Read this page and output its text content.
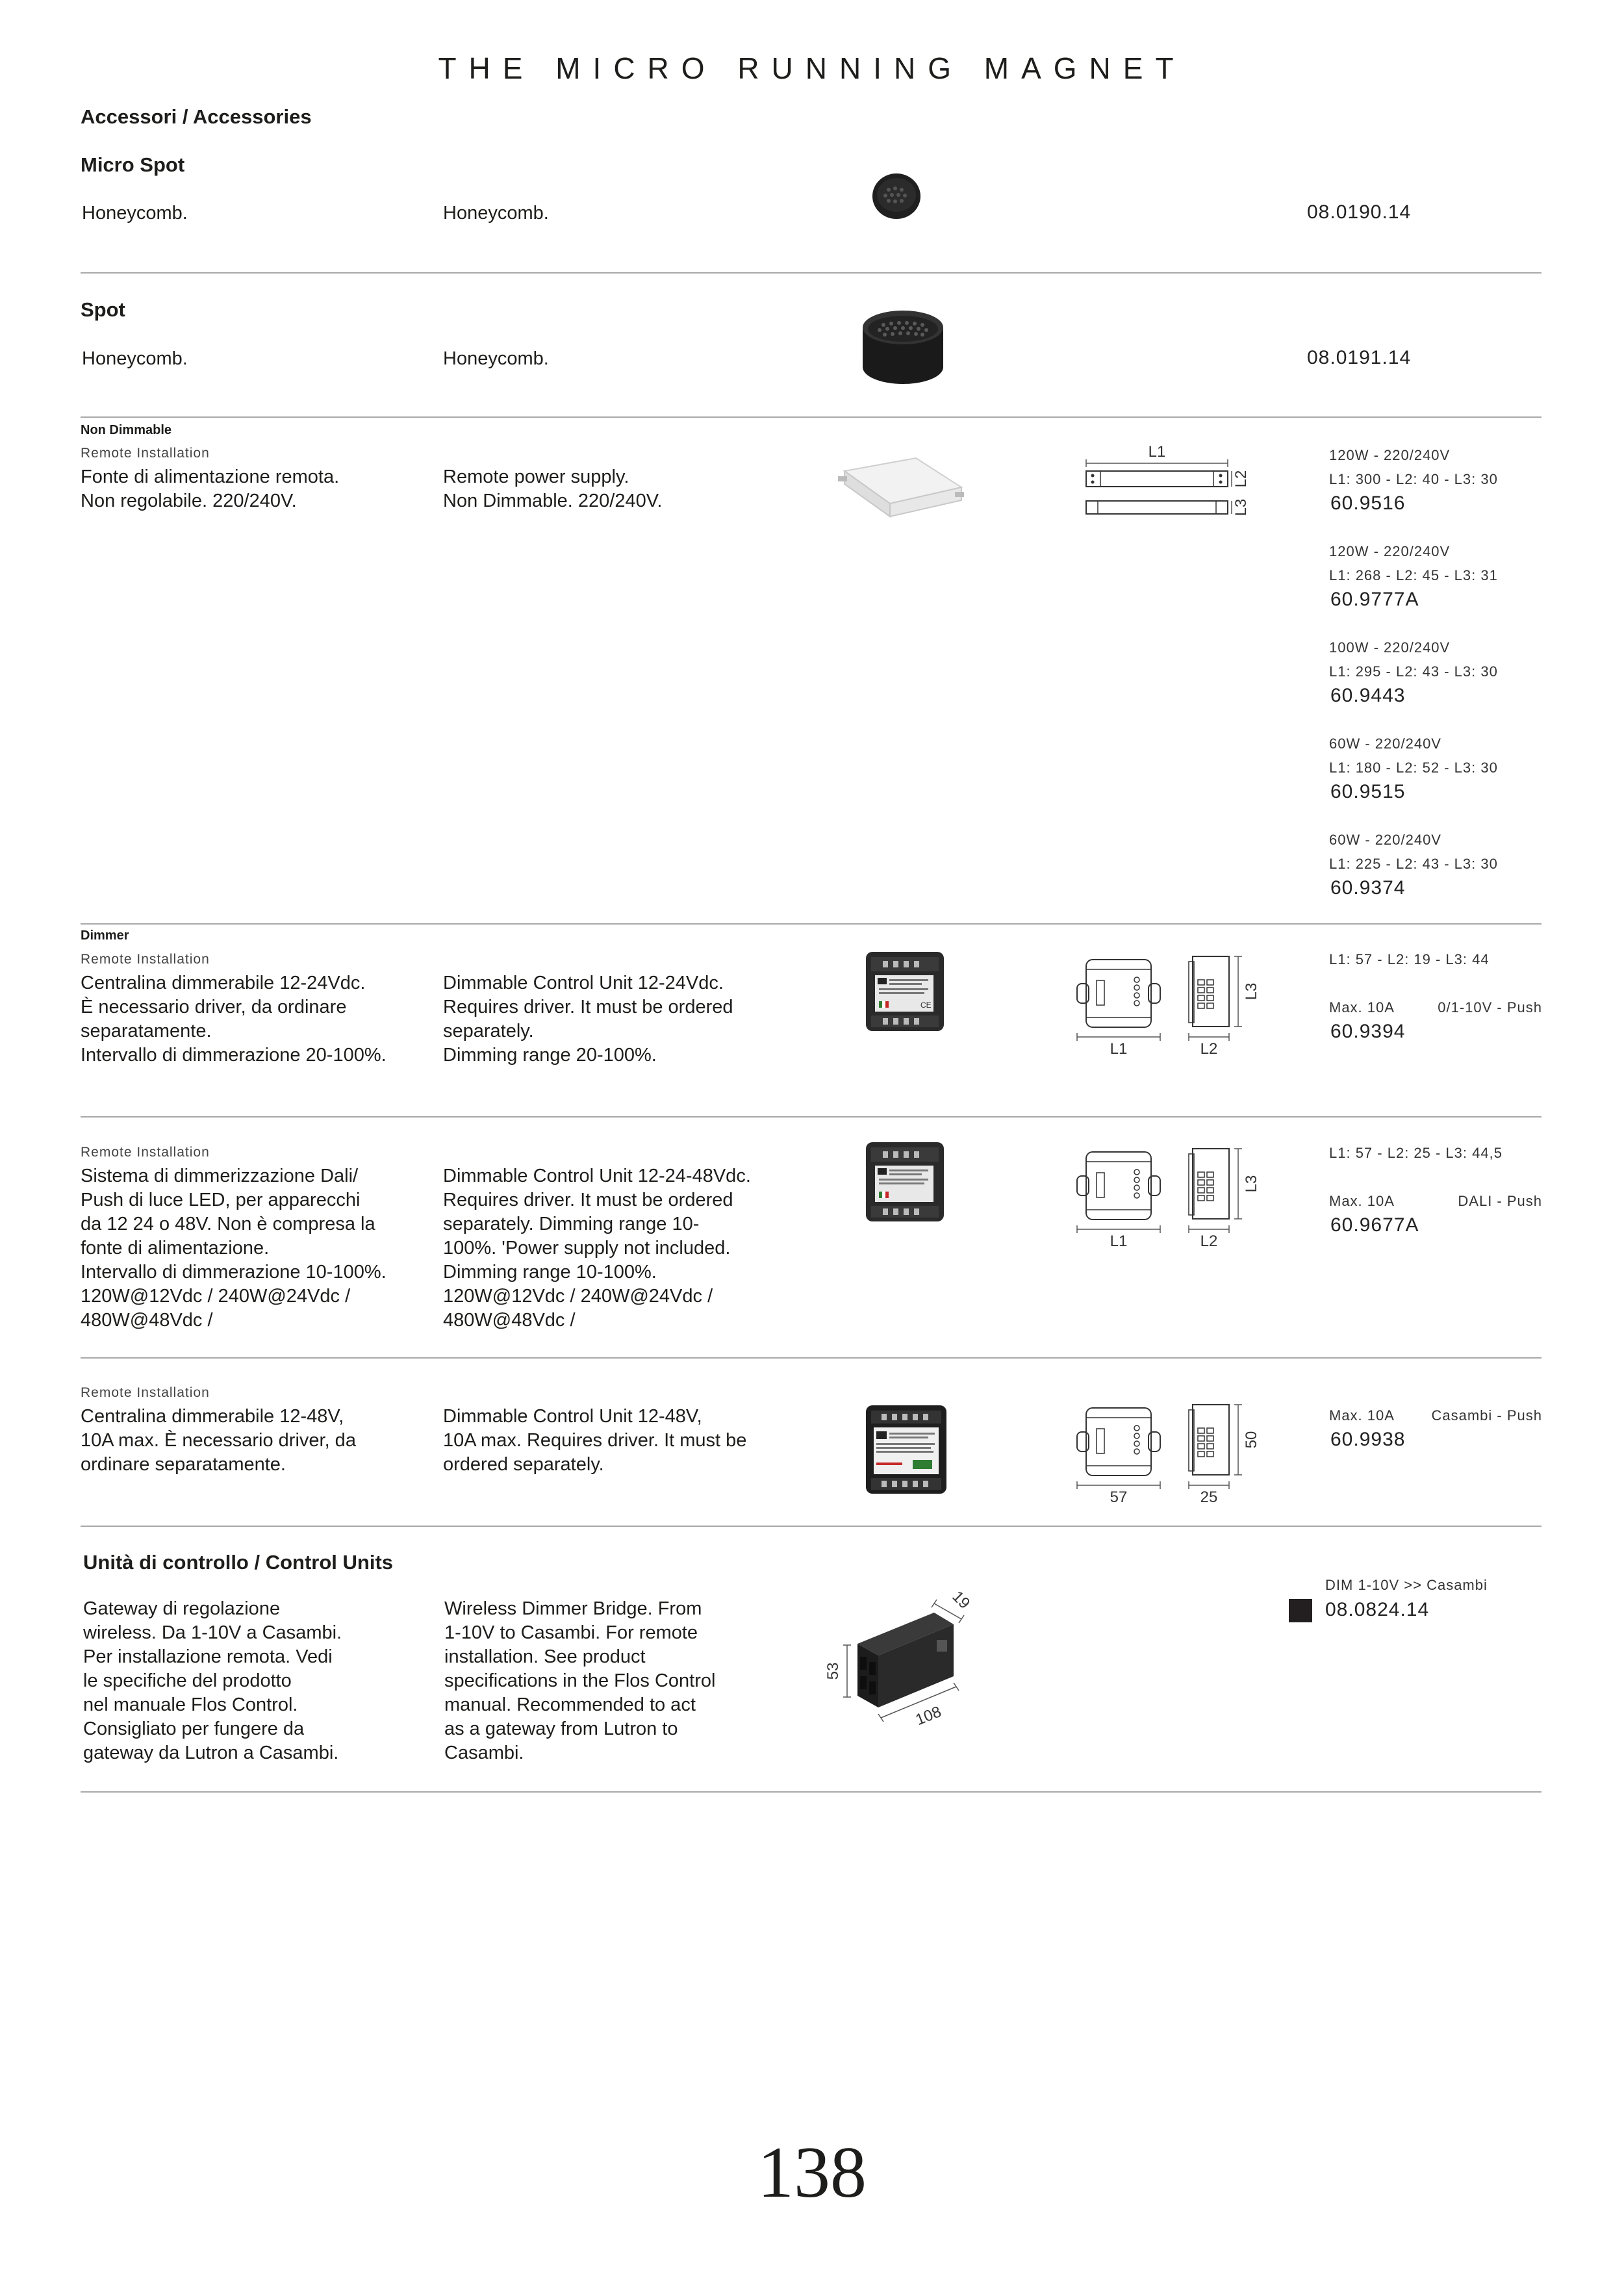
THE MICRO RUNNING MAGNET
Accessori / Accessories
Micro Spot
Honeycomb.	Honeycomb.	08.0190.14
Spot
Honeycomb.	Honeycomb.	08.0191.14
Non Dimmable
Remote Installation
Fonte di alimentazione remota.
Non regolabile. 220/240V.
Remote power supply.
Non Dimmable. 220/240V.
L1
L2
L3
120W - 220/240V
L1: 300 - L2: 40 - L3: 30
60.9516
120W - 220/240V
L1: 268 - L2: 45 - L3: 31
60.9777A
100W - 220/240V
L1: 295 - L2: 43 - L3: 30
60.9443
60W - 220/240V
L1: 180 - L2: 52 - L3: 30
60.9515
60W - 220/240V
L1: 225 - L2: 43 - L3: 30
60.9374
Dimmer
Remote Installation
Centralina dimmerabile 12-24Vdc.
È necessario driver, da ordinare
separatamente.
Intervallo di dimmerazione 20-100%.
Dimmable Control Unit 12-24Vdc.
Requires driver. It must be ordered
separately.
Dimming range 20-100%.
CE
L1
L3
L2
L1: 57 - L2: 19 - L3: 44
Max. 10A	0/1-10V - Push
60.9394
Remote Installation
Sistema di dimmerizzazione Dali/
Push di luce LED, per apparecchi
da 12 24 o 48V. Non è compresa la
fonte di alimentazione.
Intervallo di dimmerazione 10-100%.
120W@12Vdc / 240W@24Vdc /
480W@48Vdc /
Dimmable Control Unit 12-24-48Vdc.
Requires driver. It must be ordered
separately. Dimming range 10-
100%. 'Power supply not included.
Dimming range 10-100%.
120W@12Vdc / 240W@24Vdc /
480W@48Vdc /
L1
L3
L2
L1: 57 - L2: 25 - L3: 44,5
Max. 10A	DALI - Push
60.9677A
Remote Installation
Centralina dimmerabile 12-48V,
10A max. È necessario driver, da
ordinare separatamente.
Dimmable Control Unit 12-48V,
10A max. Requires driver. It must be
ordered separately.
57
50
25
Max. 10A	Casambi - Push
60.9938
Unità di controllo / Control Units
Gateway di regolazione
wireless. Da 1-10V a Casambi.
Per installazione remota. Vedi
le specifiche del prodotto
nel manuale Flos Control.
Consigliato per fungere da
gateway da Lutron a Casambi.
Wireless Dimmer Bridge. From
1-10V to Casambi. For remote
installation. See product
specifications in the Flos Control
manual. Recommended to act
as a gateway from Lutron to
Casambi.
19
53
108
DIM 1-10V >> Casambi
08.0824.14
138
